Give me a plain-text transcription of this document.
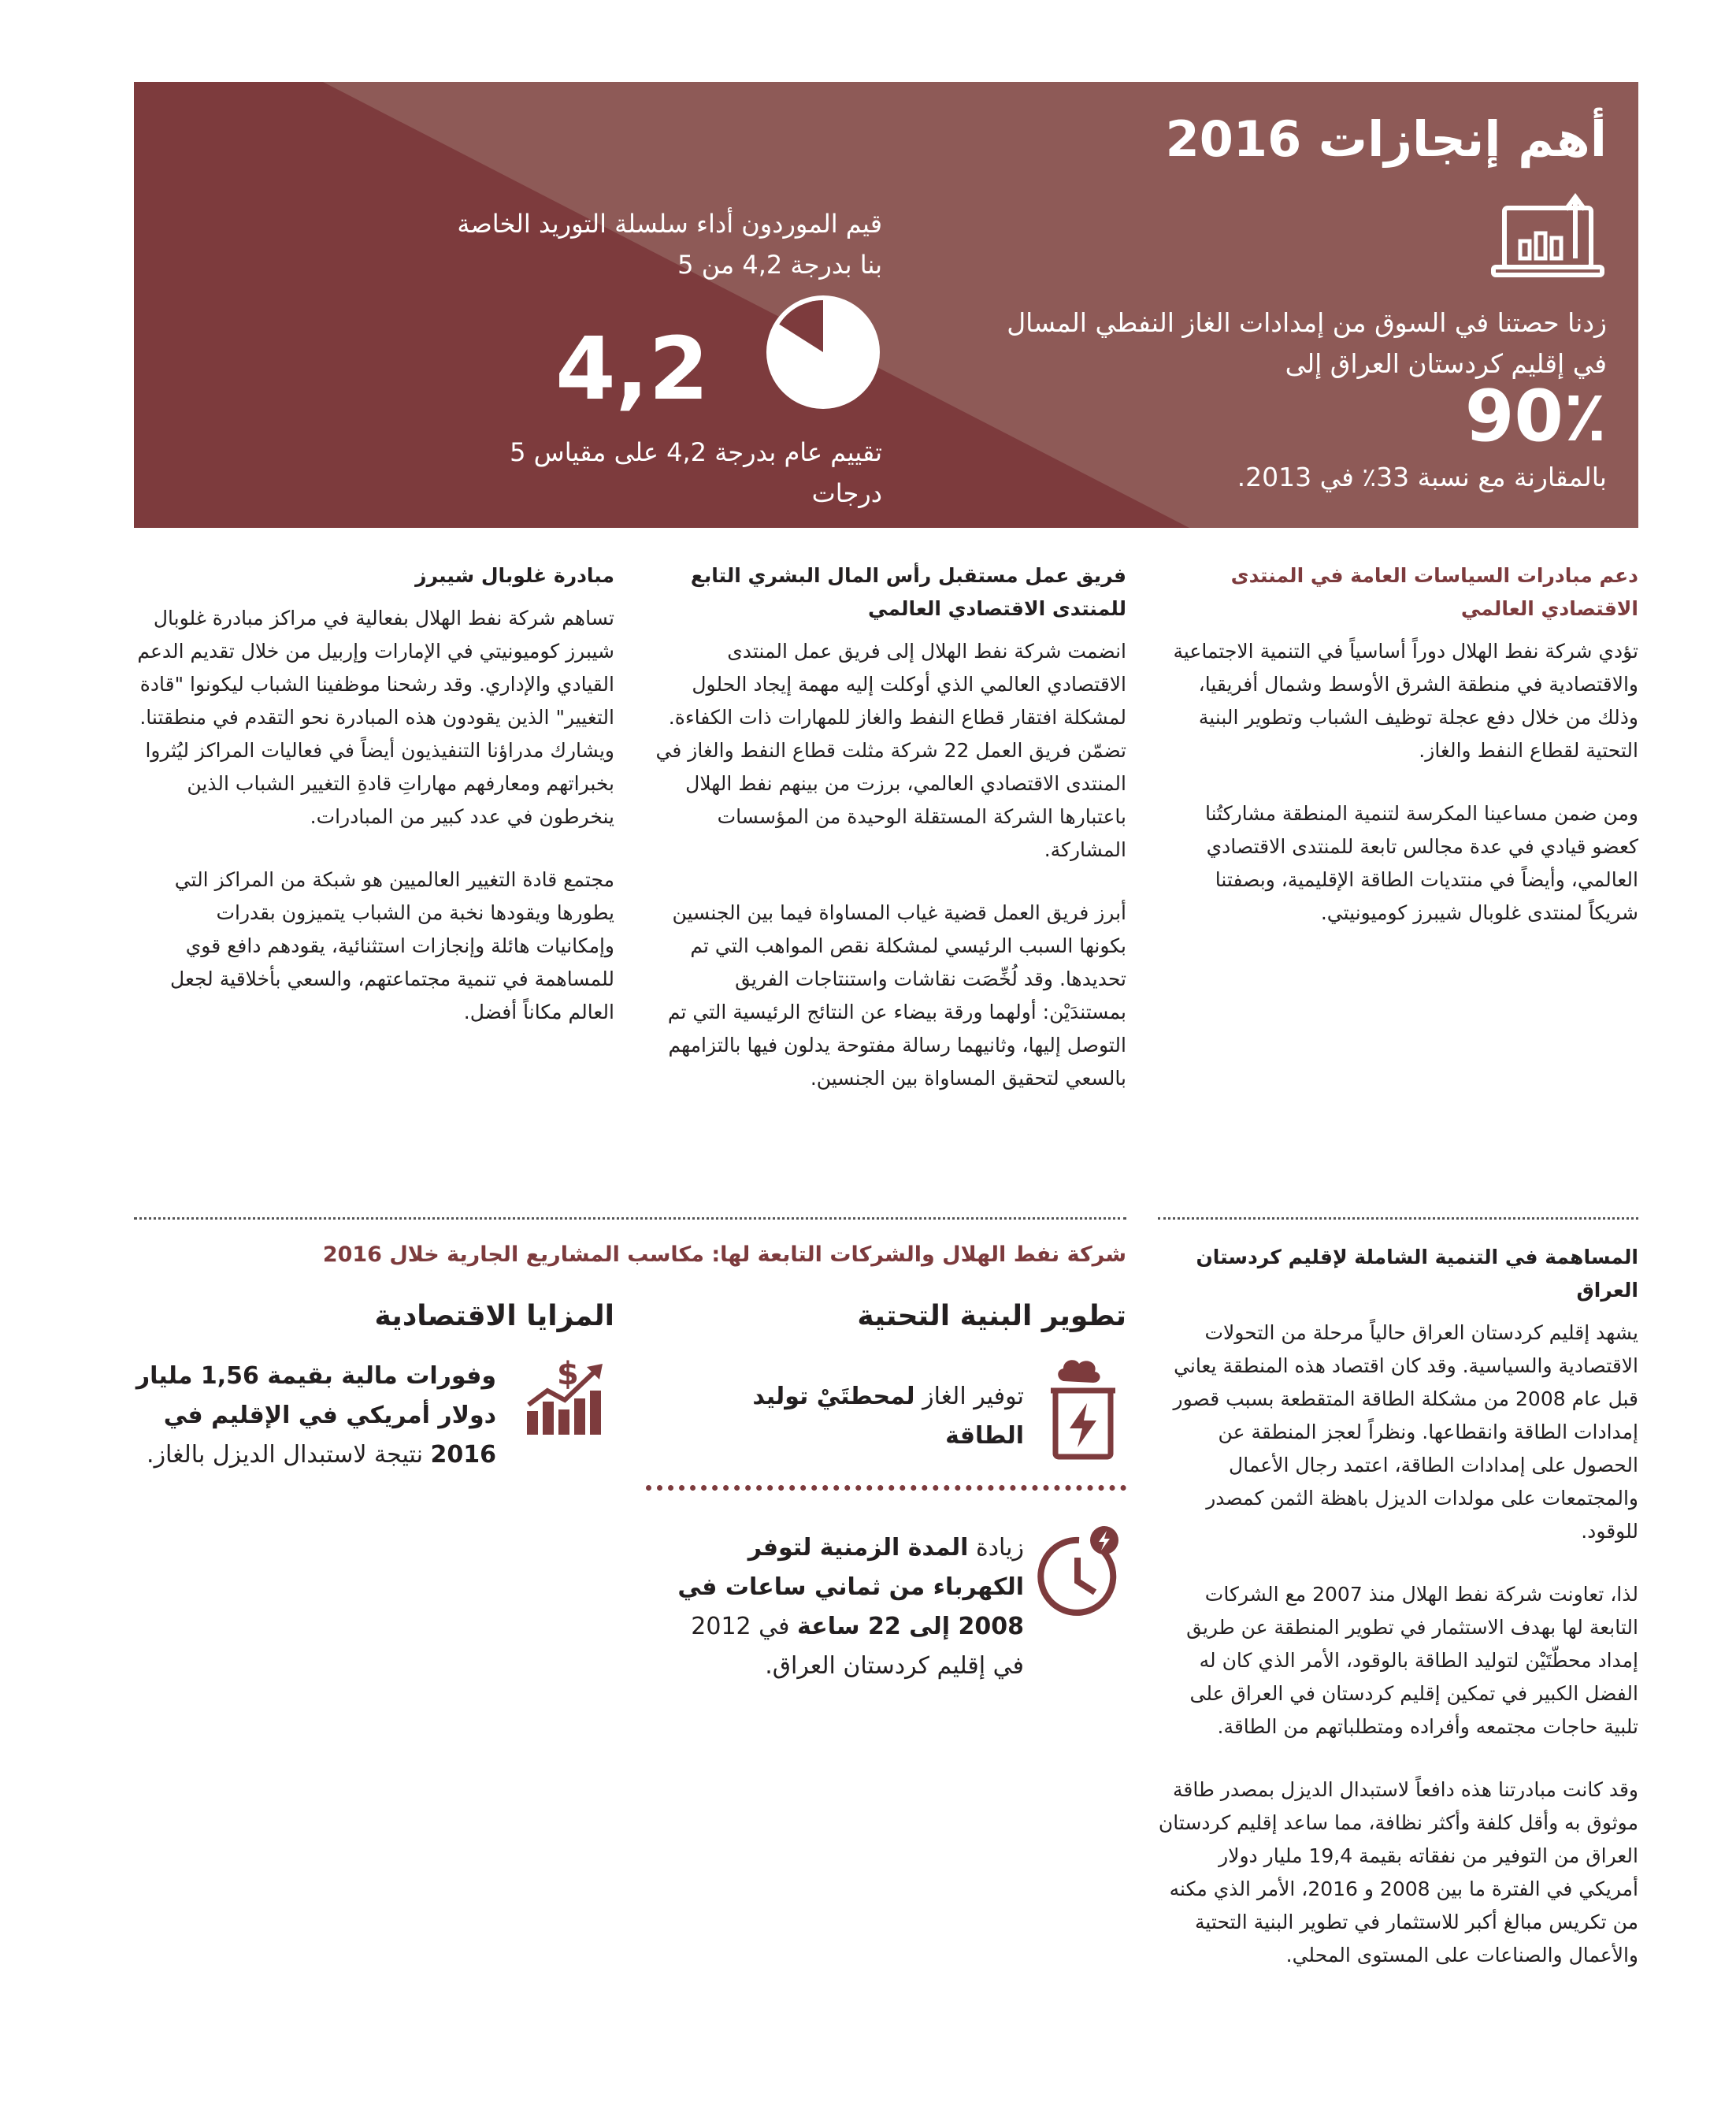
أهم إنجازات 2016
زدنا حصتنا في السوق من إمدادات الغاز النفطي المسال في إقليم كردستان العراق إلى
90٪
بالمقارنة مع نسبة 33٪ في 2013.
قيم الموردون أداء سلسلة التوريد الخاصة بنا بدرجة 4,2 من 5
4,2
تقييم عام بدرجة 4,2 على مقياس 5 درجات
دعم مبادرات السياسات العامة في المنتدى الاقتصادي العالمي

تؤدي شركة نفط الهلال دوراً أساسياً في التنمية الاجتماعية والاقتصادية في منطقة الشرق الأوسط وشمال أفريقيا، وذلك من خلال دفع عجلة توظيف الشباب وتطوير البنية التحتية لقطاع النفط والغاز.

ومن ضمن مساعينا المكرسة لتنمية المنطقة مشاركتُنا كعضو قيادي في عدة مجالس تابعة للمنتدى الاقتصادي العالمي، وأيضاً في منتديات الطاقة الإقليمية، وبصفتنا شريكاً لمنتدى غلوبال شيبرز كوميونيتي.

فريق عمل مستقبل رأس المال البشري التابع للمنتدى الاقتصادي العالمي

انضمت شركة نفط الهلال إلى فريق عمل المنتدى الاقتصادي العالمي الذي أوكلت إليه مهمة إيجاد الحلول لمشكلة افتقار قطاع النفط والغاز للمهارات ذات الكفاءة. تضمّن فريق العمل 22 شركة مثلت قطاع النفط والغاز في المنتدى الاقتصادي العالمي، برزت من بينهم نفط الهلال باعتبارها الشركة المستقلة الوحيدة من المؤسسات المشاركة.

أبرز فريق العمل قضية غياب المساواة فيما بين الجنسين بكونها السبب الرئيسي لمشكلة نقص المواهب التي تم تحديدها. وقد لُخِّصَت نقاشات واستنتاجات الفريق بمستندَيْن: أولهما ورقة بيضاء عن النتائج الرئيسية التي تم التوصل إليها، وثانيهما رسالة مفتوحة يدلون فيها بالتزامهم بالسعي لتحقيق المساواة بين الجنسين.

مبادرة غلوبال شيبرز

تساهم شركة نفط الهلال بفعالية في مراكز مبادرة غلوبال شيبرز كوميونيتي في الإمارات وإربيل من خلال تقديم الدعم القيادي والإداري. وقد رشحنا موظفينا الشباب ليكونوا "قادة التغيير" الذين يقودون هذه المبادرة نحو التقدم في منطقتنا. ويشارك مدراؤنا التنفيذيون أيضاً في فعاليات المراكز ليُثروا بخبراتهم ومعارفهم مهاراتِ قادةِ التغيير الشباب الذين ينخرطون في عدد كبير من المبادرات.

مجتمع قادة التغيير العالميين هو شبكة من المراكز التي يطورها ويقودها نخبة من الشباب يتميزون بقدرات وإمكانيات هائلة وإنجازات استثنائية، يقودهم دافع قوي للمساهمة في تنمية مجتماعتهم، والسعي بأخلاقية لجعل العالم مكاناً أفضل.

المساهمة في التنمية الشاملة لإقليم كردستان العراق

يشهد إقليم كردستان العراق حالياً مرحلة من التحولات الاقتصادية والسياسية. وقد كان اقتصاد هذه المنطقة يعاني قبل عام 2008 من مشكلة الطاقة المتقطعة بسبب قصور إمدادات الطاقة وانقطاعها. ونظراً لعجز المنطقة عن الحصول على إمدادات الطاقة، اعتمد رجال الأعمال والمجتمعات على مولدات الديزل باهظة الثمن كمصدر للوقود.

لذا، تعاونت شركة نفط الهلال منذ 2007 مع الشركات التابعة لها بهدف الاستثمار في تطوير المنطقة عن طريق إمداد محطّتَيْن لتوليد الطاقة بالوقود، الأمر الذي كان له الفضل الكبير في تمكين إقليم كردستان في العراق على تلبية حاجات مجتمعه وأفراده ومتطلباتهم من الطاقة.

وقد كانت مبادرتنا هذه دافعاً لاستبدال الديزل بمصدر طاقة موثوق به وأقل كلفة وأكثر نظافة، مما ساعد إقليم كردستان العراق من التوفير من نفقاته بقيمة 19,4 مليار دولار أمريكي في الفترة ما بين 2008 و 2016، الأمر الذي مكنه من تكريس مبالغ أكبر للاستثمار في تطوير البنية التحتية والأعمال والصناعات على المستوى المحلي.

شركة نفط الهلال والشركات التابعة لها: مكاسب المشاريع الجارية خلال 2016
تطوير البنية التحتية
المزايا الاقتصادية
توفير الغاز لمحطتَيْ توليد الطاقة
$
وفورات مالية بقيمة 1,56 مليار دولار أمريكي في الإقليم في 2016 نتيجة لاستبدال الديزل بالغاز.
زيادة المدة الزمنية لتوفر الكهرباء من ثماني ساعات في 2008 إلى 22 ساعة في 2012 في إقليم كردستان العراق.
